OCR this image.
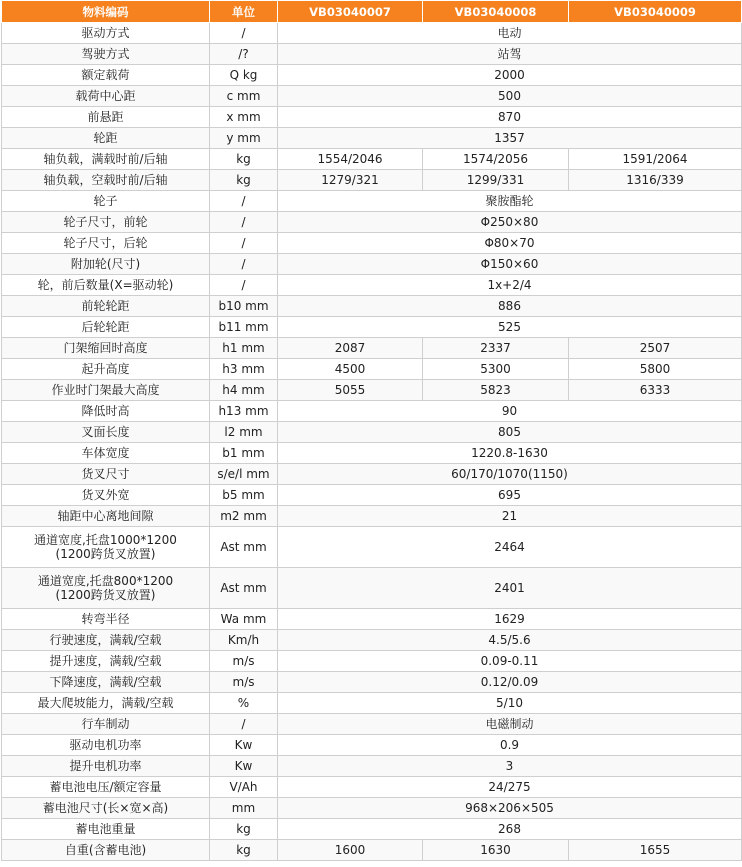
物料编码	单位	VB03040007	VB03040008	VB03040009
驱动方式	/	电动		
驾驶方式	/?	站驾		
额定载荷	Q kg	2000		
载荷中心距	c mm	500		
前悬距	x mm	870		
轮距	y mm	1357		
轴负载，满载时前/后轴	kg	1554/2046	1574/2056	1591/2064
轴负载，空载时前/后轴	kg	1279/321	1299/331	1316/339
轮子	/	聚胺酯轮		
轮子尺寸，前轮	/	Φ250×80		
轮子尺寸，后轮	/	Φ80×70		
附加轮(尺寸)	/	Φ150×60		
轮，前后数量(X=驱动轮)	/	1x+2/4		
前轮轮距	b10 mm	886		
后轮轮距	b11 mm	525		
门架缩回时高度	h1 mm	2087	2337	2507
起升高度	h3 mm	4500	5300	5800
作业时门架最大高度	h4 mm	5055	5823	6333
降低时高	h13 mm	90		
叉面长度	l2 mm	805		
车体宽度	b1 mm	1220.8-1630		
货叉尺寸	s/e/l mm	60/170/1070(1150)		
货叉外宽	b5 mm	695		
轴距中心离地间隙	m2 mm	21		
通道宽度,托盘1000*1200
(1200跨货叉放置)	Ast mm	2464		
通道宽度,托盘800*1200
(1200跨货叉放置)	Ast mm	2401		
转弯半径	Wa mm	1629		
行驶速度，满载/空载	Km/h	4.5/5.6		
提升速度，满载/空载	m/s	0.09-0.11		
下降速度，满载/空载	m/s	0.12/0.09		
最大爬坡能力，满载/空载	%	5/10		
行车制动	/	电磁制动		
驱动电机功率	Kw	0.9		
提升电机功率	Kw	3		
蓄电池电压/额定容量	V/Ah	24/275		
蓄电池尺寸(长×宽×高)	mm	968×206×505		
蓄电池重量	kg	268		
自重(含蓄电池)	kg	1600	1630	1655
